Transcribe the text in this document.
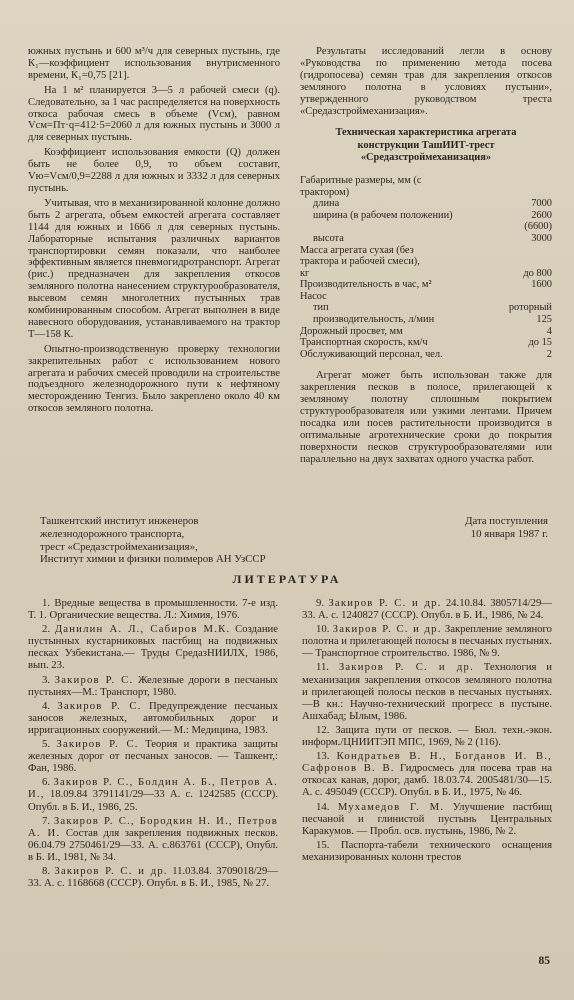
южных пустынь и 600 м³/ч для северных пустынь, где К₁—коэффициент использования внутрисменного времени, К₁=0,75 [21].

На 1 м² планируется 3—5 л рабочей смеси (q). Следовательно, за 1 час распределяется на поверхность откоса рабочая смесь в объеме (Vсм), равном Vсм=Пт·q=412·5=2060 л для южных пустынь и 3000 л для северных пустынь.

Коэффициент использования емкости (Q) должен быть не более 0,9, то объем составит, Vю=Vсм/0,9=2288 л для южных и 3332 л для северных пустынь.

Учитывая, что в механизированной колонне должно быть 2 агрегата, объем емкостей агрегата составляет 1144 для южных и 1666 л для северных пустынь. Лабораторные испытания различных вариантов транспортировки семян показали, что наиболее эффективным является пневмогидротранспорт. Агрегат (рис.) предназначен для закрепления откосов земляного полотна нанесением структурообразователя, высевом семян многолетних пустынных трав комбинированным способом. Агрегат выполнен в виде навесного оборудования, устанавливаемого на трактор Т—158 К.

Опытно-производственную проверку технологии закрепительных работ с использованием нового агрегата и рабочих смесей проводили на строительстве подъездного железнодорожного пути к нефтяному месторождению Тенгиз. Было закреплено около 40 км откосов земляного полотна.

Результаты исследований легли в основу «Руководства по применению метода посева (гидропосева) семян трав для закрепления откосов земляного полотна в условиях пустыни», утвержденного руководством треста «Средазстроймеханизация».

Техническая характеристика агрегата конструкции ТашИИТ-трест «Средазстроймеханизация»

Габаритные размеры, мм (с
трактором)
длина	7000
ширина (в рабочем положении)	2600
(6600)
высота	3000
Масса агрегата сухая (без
трактора и рабочей смеси),
кг	до 800
Производительность в час, м²	1600
Насос
тип	роторный
производительность, л/мин	125
Дорожный просвет, мм	4
Транспортная скорость, км/ч	до 15
Обслуживающий персонал, чел.	2

Агрегат может быть использован также для закрепления песков в полосе, прилегающей к земляному полотну сплошным покрытием структурообразователя или узкими лентами. Причем посадка или посев растительности производится в оптимальные агротехнические сроки до покрытия поверхности песков структурообразователями или параллельно на двух захватах одного участка работ.

Ташкентский институт инженеров
железнодорожного транспорта,
трест «Средазстроймеханизация»,
Институт химии и физики полимеров АН УзССР
Дата поступления
10 января 1987 г.
ЛИТЕРАТУРА

1. Вредные вещества в промышленности. 7-е изд. Т. 1. Органические вещества. Л.: Химия, 1976.

2. Данилин А. Л., Сабиров М.К. Создание пустынных кустарниковых пастбищ на подвижных песках Узбекистана.— Труды СредазНИИЛХ, 1986, вып. 23.

3. Закиров Р. С. Железные дороги в песчаных пустынях—М.: Транспорт, 1980.

4. Закиров Р. С. Предупреждение песчаных заносов железных, автомобильных дорог и ирригационных сооружений.— М.: Медицина, 1983.

5. Закиров Р. С. Теория и практика защиты железных дорог от песчаных заносов. — Ташкент,: Фан, 1986.

6. Закиров Р. С., Болдин А. Б., Петров А. И., 18.09.84 3791141/29—33 А. с. 1242585 (СССР). Опубл. в Б. И., 1986, 25.

7. Закиров Р. С., Бородкин Н. И., Петров А. И. Состав для закрепления подвижных песков. 06.04.79 2750461/29—33. А. с.863761 (СССР), Опубл. в Б. И., 1981, № 34.

8. Закиров Р. С. и др. 11.03.84. 3709018/29—33. А. с. 1168668 (СССР). Опубл. в Б. И., 1985, № 27.

9. Закиров Р. С. и др. 24.10.84. 3805714/29—33. А. с. 1240827 (СССР). Опубл. в Б. И., 1986, № 24.

10. Закиров Р. С. и др. Закрепление земляного полотна и прилегающей полосы в песчаных пустынях. — Транспортное строительство. 1986, № 9.

11. Закиров Р. С. и др. Технология и механизация закрепления откосов земляного полотна и прилегающей полосы песков в песчаных пустынях.—В кн.: Научно-технический прогресс в пустыне. Ашхабад; Ылым, 1986.

12. Защита пути от песков. — Бюл. техн.-экон. информ./ЦНИИТЭП МПС, 1969, № 2 (116).

13. Кондратьев В. Н., Богданов И. В., Сафронов В. В. Гидросмесь для посева трав на откосах канав, дорог, дамб. 18.03.74. 2005481/30—15. А. с. 495049 (СССР). Опубл. в Б. И., 1975, № 46.

14. Мухамедов Г. М. Улучшение пастбищ песчаной и глинистой пустынь Центральных Каракумов. — Пробл. осв. пустынь, 1986, № 2.

15. Паспорта-табели технического оснащения механизированных колонн трестов

85
